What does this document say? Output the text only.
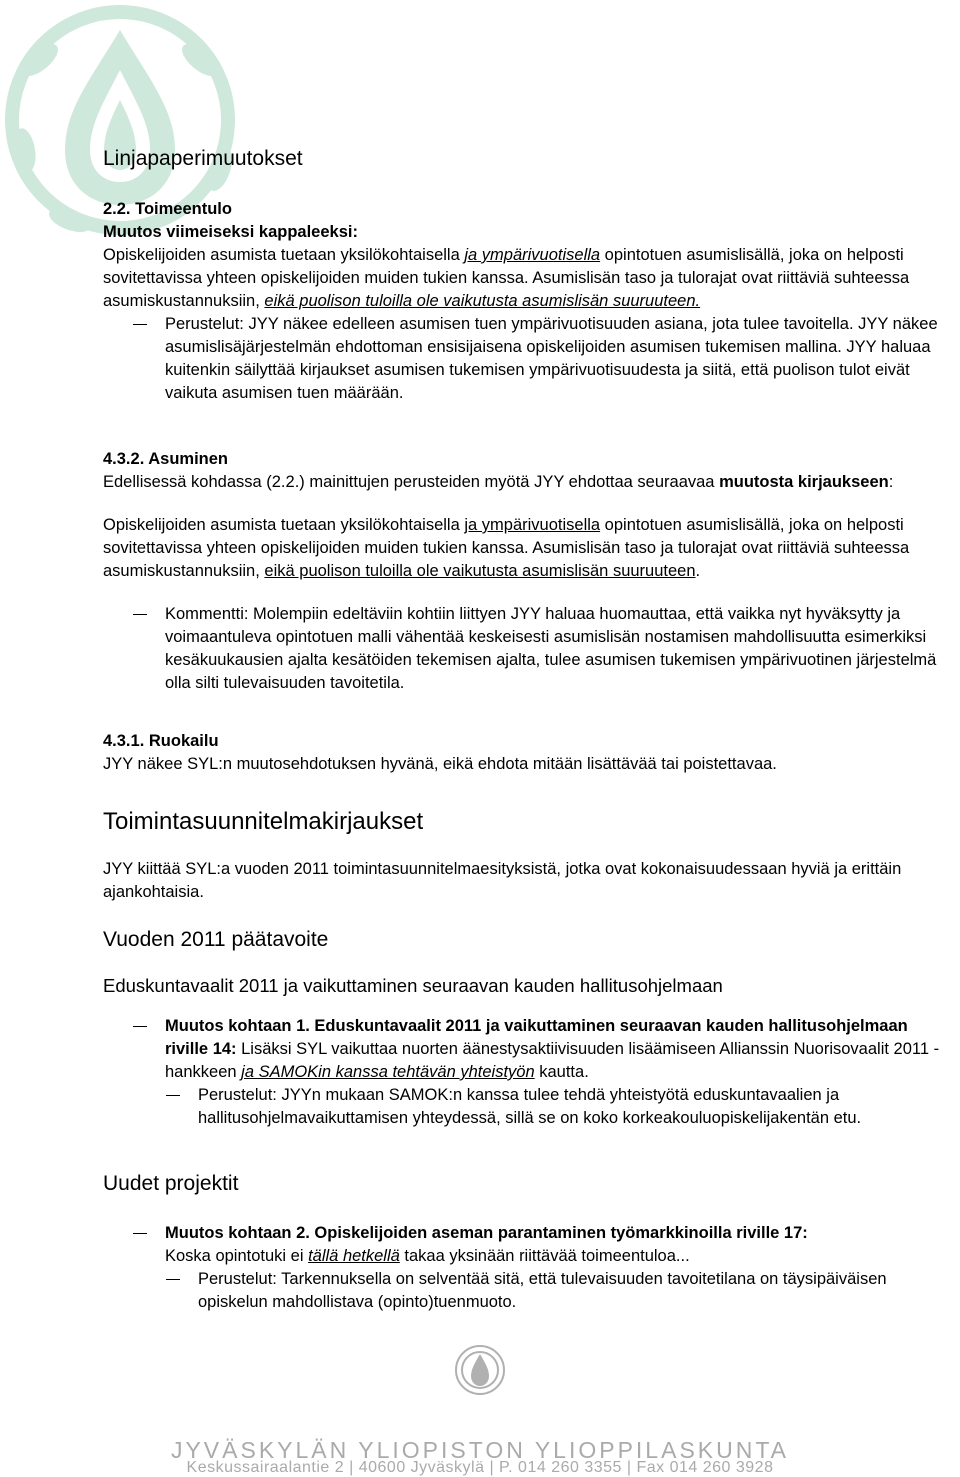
Linjapaperimuutokset

2.2. Toimeentulo

Muutos viimeiseksi kappaleeksi:

Opiskelijoiden asumista tuetaan yksilökohtaisella ja ympärivuotisella opintotuen asumislisällä, joka on helposti sovitettavissa yhteen opiskelijoiden muiden tukien kanssa. Asumislisän taso ja tulorajat ovat riittäviä suhteessa asumiskustannuksiin, eikä puolison tuloilla ole vaikutusta asumislisän suuruuteen.

Perustelut: JYY näkee edelleen asumisen tuen ympärivuotisuuden asiana, jota tulee tavoitella. JYY näkee asumislisäjärjestelmän ehdottoman ensisijaisena opiskelijoiden asumisen tukemisen mallina. JYY haluaa kuitenkin säilyttää kirjaukset asumisen tukemisen ympärivuotisuudesta ja siitä, että puolison tulot eivät vaikuta asumisen tuen määrään.

4.3.2. Asuminen

Edellisessä kohdassa (2.2.) mainittujen perusteiden myötä JYY ehdottaa seuraavaa muutosta kirjaukseen:

Opiskelijoiden asumista tuetaan yksilökohtaisella ja ympärivuotisella opintotuen asumislisällä, joka on helposti sovitettavissa yhteen opiskelijoiden muiden tukien kanssa. Asumislisän taso ja tulorajat ovat riittäviä suhteessa asumiskustannuksiin, eikä puolison tuloilla ole vaikutusta asumislisän suuruuteen.

Kommentti: Molempiin edeltäviin kohtiin liittyen JYY haluaa huomauttaa, että vaikka nyt hyväksytty ja voimaantuleva opintotuen malli vähentää keskeisesti asumislisän nostamisen mahdollisuutta esimerkiksi kesäkuukausien ajalta kesätöiden tekemisen ajalta, tulee asumisen tukemisen ympärivuotinen järjestelmä olla silti tulevaisuuden tavoitetila.

4.3.1. Ruokailu

JYY näkee SYL:n muutosehdotuksen hyvänä, eikä ehdota mitään lisättävää tai poistettavaa.

Toimintasuunnitelmakirjaukset

JYY kiittää SYL:a vuoden 2011 toimintasuunnitelmaesityksistä, jotka ovat kokonaisuudessaan hyviä ja erittäin ajankohtaisia.

Vuoden 2011 päätavoite

Eduskuntavaalit 2011 ja vaikuttaminen seuraavan kauden hallitusohjelmaan

Muutos kohtaan 1. Eduskuntavaalit 2011 ja vaikuttaminen seuraavan kauden hallitusohjelmaan riville 14: Lisäksi SYL vaikuttaa nuorten äänestysaktiivisuuden lisäämiseen Allianssin Nuorisovaalit 2011 -hankkeen ja SAMOKin kanssa tehtävän yhteistyön kautta.

Perustelut: JYYn mukaan SAMOK:n kanssa tulee tehdä yhteistyötä eduskuntavaalien ja hallitusohjelmavaikuttamisen yhteydessä, sillä se on koko korkeakouluopiskelijakentän etu.

Uudet projektit

Muutos kohtaan 2. Opiskelijoiden aseman parantaminen työmarkkinoilla riville 17:
Koska opintotuki ei tällä hetkellä takaa yksinään riittävää toimeentuloa...

Perustelut: Tarkennuksella on selventää sitä, että tulevaisuuden tavoitetilana on täysipäiväisen opiskelun mahdollistava (opinto)tuenmuoto.

JYVÄSKYLÄN YLIOPISTON YLIOPPILASKUNTA

Keskussairaalantie 2 | 40600 Jyväskylä | P. 014 260 3355 | Fax 014 260 3928
